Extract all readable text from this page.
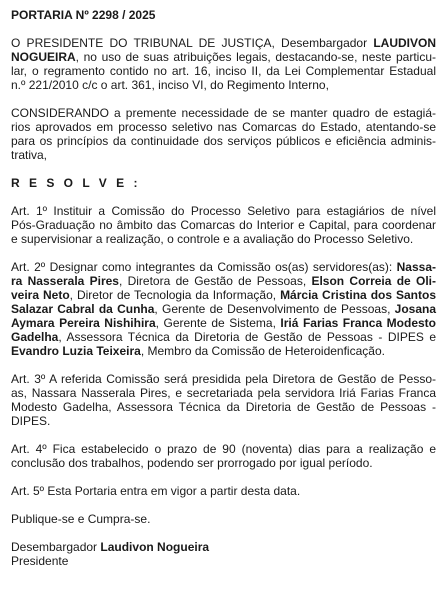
PORTARIA Nº 2298 / 2025
O PRESIDENTE DO TRIBUNAL DE JUSTIÇA, Desembargador LAUDIVON
NOGUEIRA, no uso de suas atribuições legais, destacando-se, neste particu-
lar, o regramento contido no art. 16, inciso II, da Lei Complementar Estadual
n.º 221/2010 c/c o art. 361, inciso VI, do Regimento Interno,
CONSIDERANDO a premente necessidade de se manter quadro de estagiá-
rios aprovados em processo seletivo nas Comarcas do Estado, atentando-se
para os princípios da continuidade dos serviços públicos e eficiência adminis-
trativa,
R E S O L V E :
Art. 1º Instituir a Comissão do Processo Seletivo para estagiários de nível
Pós-Graduação no âmbito das Comarcas do Interior e Capital, para coordenar
e supervisionar a realização, o controle e a avaliação do Processo Seletivo.
Art. 2º Designar como integrantes da Comissão os(as) servidores(as): Nassa-
ra Nasserala Pires, Diretora de Gestão de Pessoas, Elson Correia de Oli-
veira Neto, Diretor de Tecnologia da Informação, Márcia Cristina dos Santos
Salazar Cabral da Cunha, Gerente de Desenvolvimento de Pessoas, Josana
Aymara Pereira Nishihira, Gerente de Sistema, Iriá Farias Franca Modesto
Gadelha, Assessora Técnica da Diretoria de Gestão de Pessoas - DIPES e
Evandro Luzia Teixeira, Membro da Comissão de Heteroidenficação.
Art. 3º A referida Comissão será presidida pela Diretora de Gestão de Pesso-
as, Nassara Nasserala Pires, e secretariada pela servidora Iriá Farias Franca
Modesto Gadelha, Assessora Técnica da Diretoria de Gestão de Pessoas -
DIPES.
Art. 4º Fica estabelecido o prazo de 90 (noventa) dias para a realização e
conclusão dos trabalhos, podendo ser prorrogado por igual período.
Art. 5º Esta Portaria entra em vigor a partir desta data.
Publique-se e Cumpra-se.
Desembargador Laudivon Nogueira
Presidente
